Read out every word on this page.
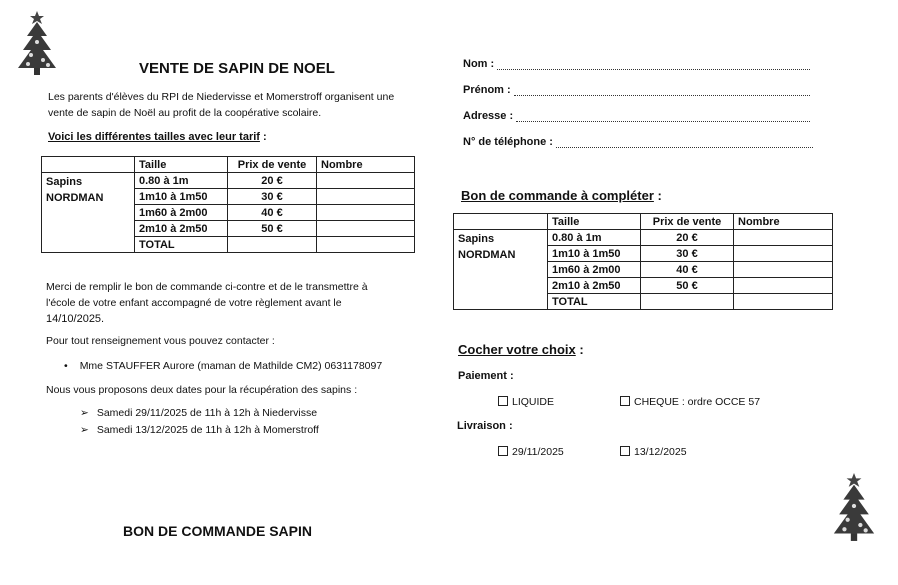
VENTE DE SAPIN DE NOEL
Les parents d'élèves du RPI de Niedervisse et Momerstroff organisent une
vente de sapin de Noël au profit de la coopérative scolaire.
Voici les différentes tailles avec leur tarif :
	Taille	Prix de vente	Nombre

Sapins
NORDMAN	0.80 à 1m	20 €	
	1m10 à 1m50	30 €	
	1m60 à 2m00	40 €	
	2m10 à 2m50	50 €	
	TOTAL		
Merci de remplir le bon de commande ci-contre et de le transmettre à
l'école de votre enfant accompagné de votre règlement avant le
14/10/2025.
Pour tout renseignement vous pouvez contacter :
• Mme STAUFFER Aurore (maman de Mathilde CM2) 0631178097
Nous vous proposons deux dates pour la récupération des sapins :
➢ Samedi 29/11/2025 de 11h à 12h à Niedervisse
➢ Samedi 13/12/2025 de 11h à 12h à Momerstroff
BON DE COMMANDE SAPIN
Nom :
Prénom :
Adresse :
N° de téléphone :
Bon de commande à compléter :
	Taille	Prix de vente	Nombre

Sapins
NORDMAN	0.80 à 1m	20 €	
	1m10 à 1m50	30 €	
	1m60 à 2m00	40 €	
	2m10 à 2m50	50 €	
	TOTAL		
Cocher votre choix :
Paiement :
LIQUIDE	CHEQUE : ordre OCCE 57
Livraison :
29/11/2025	13/12/2025
